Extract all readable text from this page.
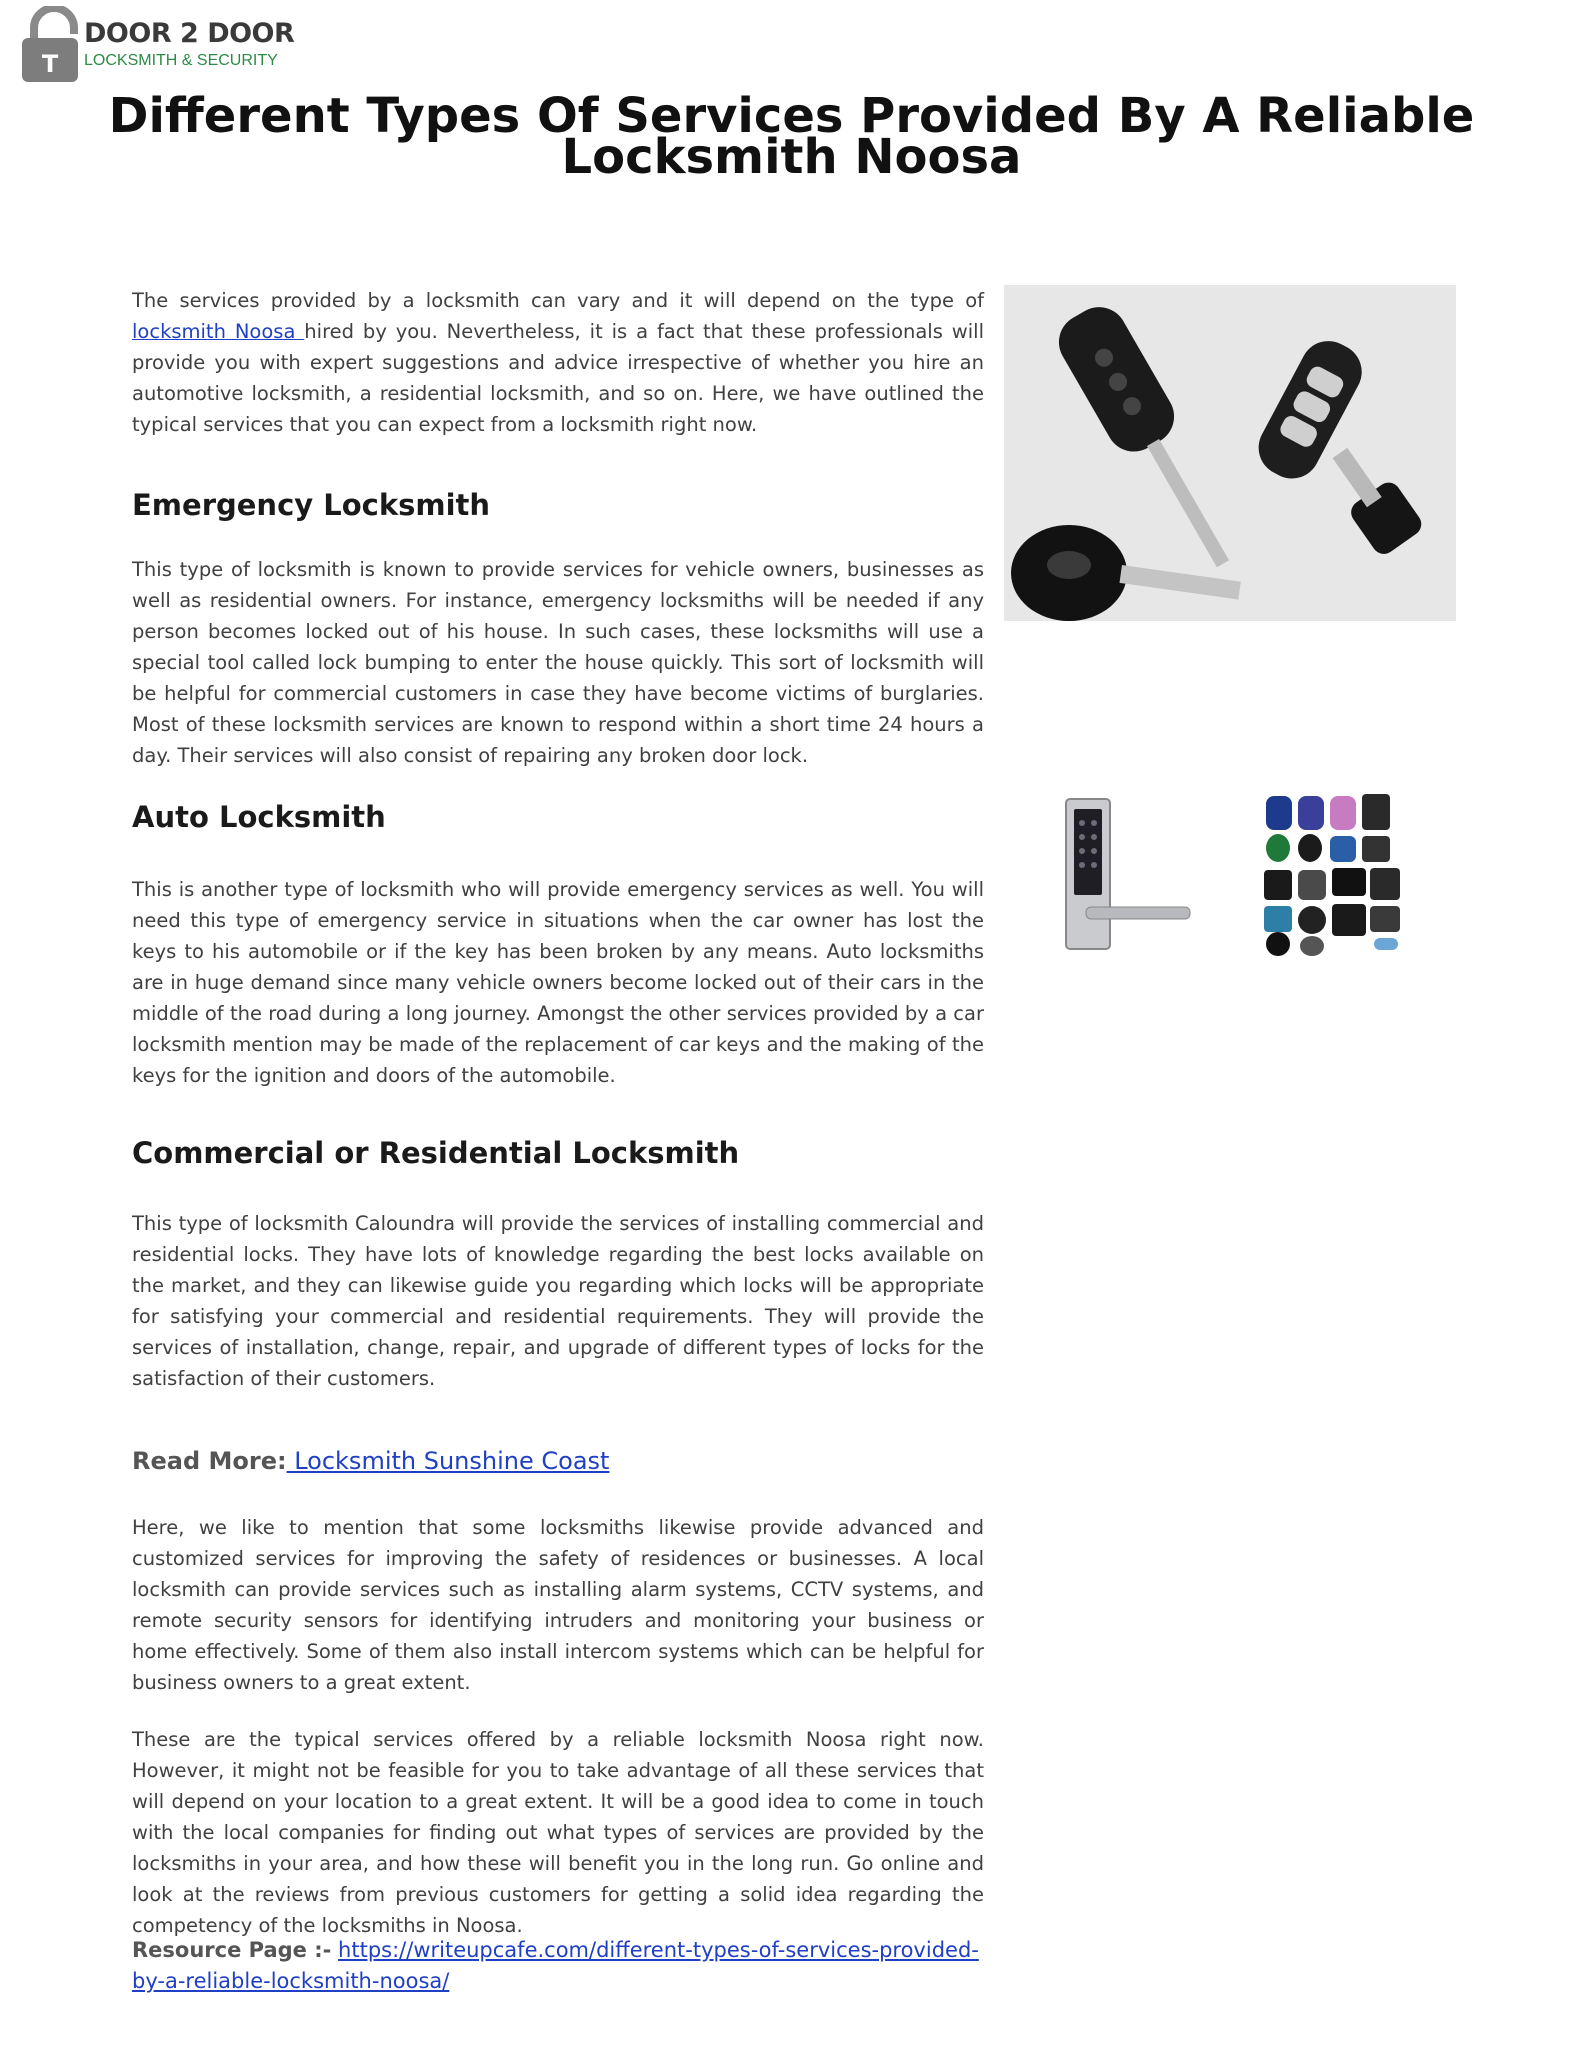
T
DOOR 2 DOOR
LOCKSMITH & SECURITY
Different Types Of Services Provided By A Reliable Locksmith Noosa

The services provided by a locksmith can vary and it will depend on the type of locksmith Noosa hired by you. Nevertheless, it is a fact that these professionals will provide you with expert suggestions and advice irrespective of whether you hire an automotive locksmith, a residential locksmith, and so on. Here, we have outlined the typical services that you can expect from a locksmith right now.

Emergency Locksmith

This type of locksmith is known to provide services for vehicle owners, businesses as well as residential owners. For instance, emergency locksmiths will be needed if any person becomes locked out of his house. In such cases, these locksmiths will use a special tool called lock bumping to enter the house quickly. This sort of locksmith will be helpful for commercial customers in case they have become victims of burglaries. Most of these locksmith services are known to respond within a short time 24 hours a day. Their services will also consist of repairing any broken door lock.

Auto Locksmith

This is another type of locksmith who will provide emergency services as well. You will need this type of emergency service in situations when the car owner has lost the keys to his automobile or if the key has been broken by any means. Auto locksmiths are in huge demand since many vehicle owners become locked out of their cars in the middle of the road during a long journey. Amongst the other services provided by a car locksmith mention may be made of the replacement of car keys and the making of the keys for the ignition and doors of the automobile.

Commercial or Residential Locksmith

This type of locksmith Caloundra will provide the services of installing commercial and residential locks. They have lots of knowledge regarding the best locks available on the market, and they can likewise guide you regarding which locks will be appropriate for satisfying your commercial and residential requirements. They will provide the services of installation, change, repair, and upgrade of different types of locks for the satisfaction of their customers.

Read More: Locksmith Sunshine Coast

Here, we like to mention that some locksmiths likewise provide advanced and customized services for improving the safety of residences or businesses. A local locksmith can provide services such as installing alarm systems, CCTV systems, and remote security sensors for identifying intruders and monitoring your business or home effectively. Some of them also install intercom systems which can be helpful for business owners to a great extent.

These are the typical services offered by a reliable locksmith Noosa right now. However, it might not be feasible for you to take advantage of all these services that will depend on your location to a great extent. It will be a good idea to come in touch with the local companies for finding out what types of services are provided by the locksmiths in your area, and how these will benefit you in the long run. Go online and look at the reviews from previous customers for getting a solid idea regarding the competency of the locksmiths in Noosa.

Resource Page :- https://writeupcafe.com/different-types-of-services-provided-by-a-reliable-locksmith-noosa/
